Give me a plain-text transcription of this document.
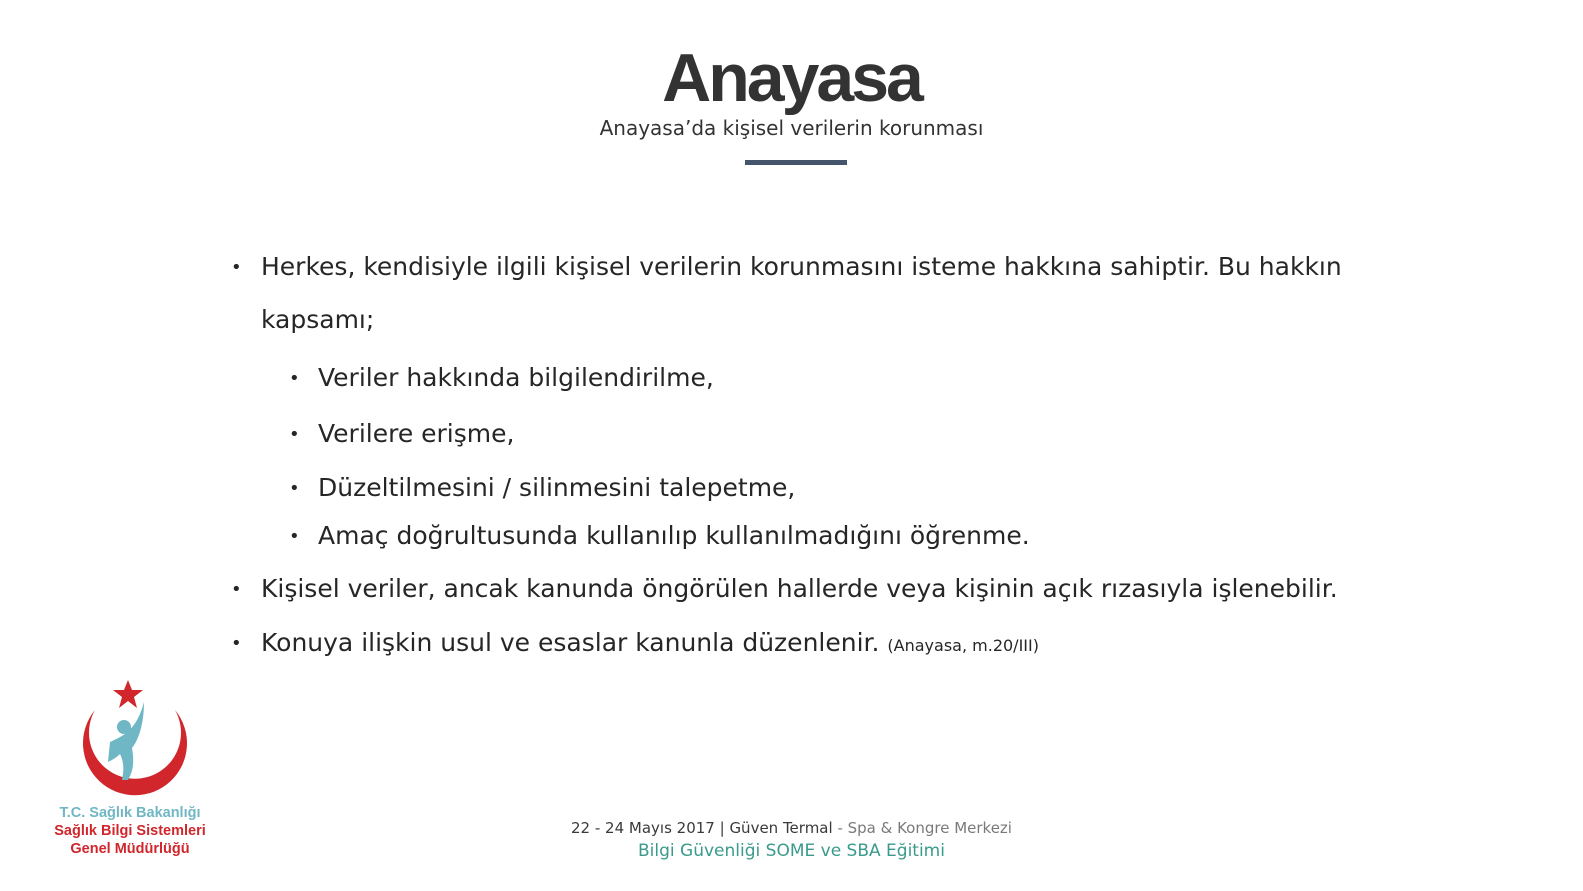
Anayasa
Anayasa’da kişisel verilerin korunması
• Herkes, kendisiyle ilgili kişisel verilerin korunmasını isteme hakkına sahiptir. Bu hakkın
kapsamı;
• Veriler hakkında bilgilendirilme,
• Verilere erişme,
• Düzeltilmesini / silinmesini talepetme,
• Amaç doğrultusunda kullanılıp kullanılmadığını öğrenme.
• Kişisel veriler, ancak kanunda öngörülen hallerde veya kişinin açık rızasıyla işlenebilir.
• Konuya ilişkin usul ve esaslar kanunla düzenlenir. (Anayasa, m.20/III)
T.C. Sağlık Bakanlığı
Sağlık Bilgi Sistemleri
Genel Müdürlüğü
22 - 24 Mayıs 2017 | Güven Termal - Spa & Kongre Merkezi
Bilgi Güvenliği SOME ve SBA Eğitimi
